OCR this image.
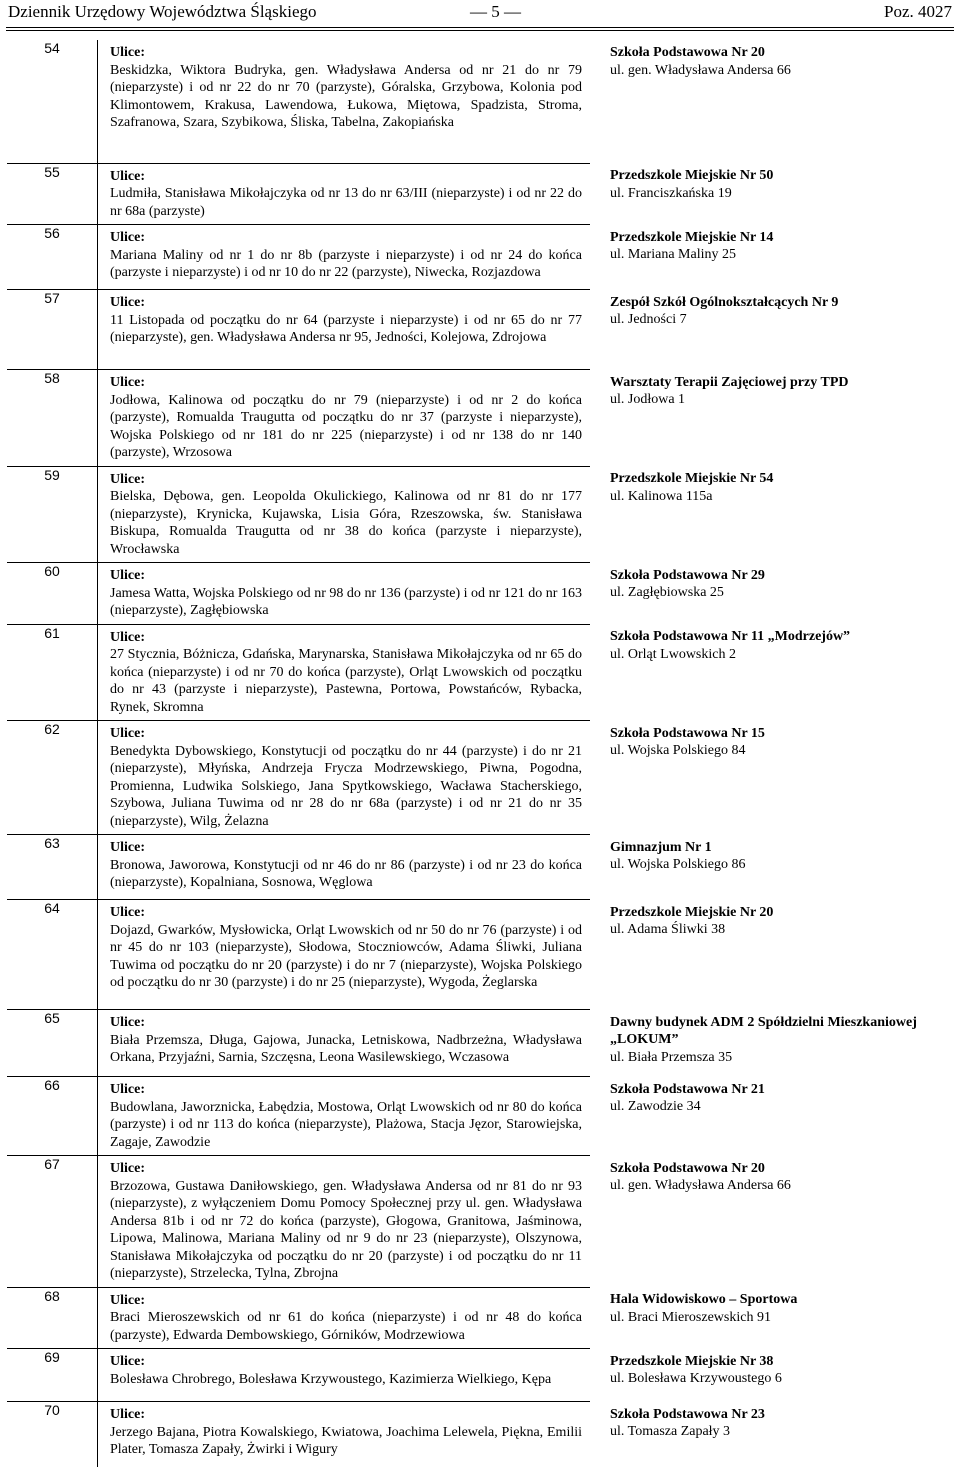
Dziennik Urzędowy Województwa Śląskiego	— 5 —	Poz. 4027
54	Ulice:
Beskidzka, Wiktora Budryka, gen. Władysława Andersa od nr 21 do nr 79 (nieparzyste) i od nr 22 do nr 70 (parzyste), Góralska, Grzybowa, Kolonia pod Klimontowem, Krakusa, Lawendowa, Łukowa, Miętowa, Spadzista, Stroma, Szafranowa, Szara, Szybikowa, Śliska, Tabelna, Zakopiańska	Szkoła Podstawowa Nr 20
ul. gen. Władysława Andersa 66

55	Ulice:
Ludmiła, Stanisława Mikołajczyka od nr 13 do nr 63/III (nieparzyste) i od nr 22 do nr 68a (parzyste)	Przedszkole Miejskie Nr 50
ul. Franciszkańska 19

56	Ulice:
Mariana Maliny od nr 1 do nr 8b (parzyste i nieparzyste) i od nr 24 do końca (parzyste i nieparzyste) i od nr 10 do nr 22 (parzyste), Niwecka, Rozjazdowa	Przedszkole Miejskie Nr 14
ul. Mariana Maliny 25

57	Ulice:
11 Listopada od początku do nr 64 (parzyste i nieparzyste) i od nr 65 do nr 77 (nieparzyste), gen. Władysława Andersa nr 95, Jedności, Kolejowa, Zdrojowa	Zespół Szkół Ogólnokształcących Nr 9
ul. Jedności 7

58	Ulice:
Jodłowa, Kalinowa od początku do nr 79 (nieparzyste) i od nr 2 do końca (parzyste), Romualda Traugutta od początku do nr 37 (parzyste i nieparzyste), Wojska Polskiego od nr 181 do nr 225 (nieparzyste) i od nr 138 do nr 140 (parzyste), Wrzosowa	Warsztaty Terapii Zajęciowej przy TPD
ul. Jodłowa 1

59	Ulice:
Bielska, Dębowa, gen. Leopolda Okulickiego, Kalinowa od nr 81 do nr 177 (nieparzyste), Krynicka, Kujawska, Lisia Góra, Rzeszowska, św. Stanisława Biskupa, Romualda Traugutta od nr 38 do końca (parzyste i nieparzyste), Wrocławska	Przedszkole Miejskie Nr 54
ul. Kalinowa 115a

60	Ulice:
Jamesa Watta, Wojska Polskiego od nr 98 do nr 136 (parzyste) i od nr 121 do nr 163 (nieparzyste), Zagłębiowska	Szkoła Podstawowa Nr 29
ul. Zagłębiowska 25

61	Ulice:
27 Stycznia, Bóżnicza, Gdańska, Marynarska, Stanisława Mikołajczyka od nr 65 do końca (nieparzyste) i od nr 70 do końca (parzyste), Orląt Lwowskich od początku do nr 43 (parzyste i nieparzyste), Pastewna, Portowa, Powstańców, Rybacka, Rynek, Skromna	Szkoła Podstawowa Nr 11 „Modrzejów”
ul. Orląt Lwowskich 2

62	Ulice:
Benedykta Dybowskiego, Konstytucji od początku do nr 44 (parzyste) i do nr 21 (nieparzyste), Młyńska, Andrzeja Frycza Modrzewskiego, Piwna, Pogodna, Promienna, Ludwika Solskiego, Jana Spytkowskiego, Wacława Stacherskiego, Szybowa, Juliana Tuwima od nr 28 do nr 68a (parzyste) i od nr 21 do nr 35 (nieparzyste), Wilg, Żelazna	Szkoła Podstawowa Nr 15
ul. Wojska Polskiego 84

63	Ulice:
Bronowa, Jaworowa, Konstytucji od nr 46 do nr 86 (parzyste) i od nr 23 do końca (nieparzyste), Kopalniana, Sosnowa, Węglowa	Gimnazjum Nr 1
ul. Wojska Polskiego 86

64	Ulice:
Dojazd, Gwarków, Mysłowicka, Orląt Lwowskich od nr 50 do nr 76 (parzyste) i od nr 45 do nr 103 (nieparzyste), Słodowa, Stoczniowców, Adama Śliwki, Juliana Tuwima od początku do nr 20 (parzyste) i do nr 7 (nieparzyste), Wojska Polskiego od początku do nr 30 (parzyste) i do nr 25 (nieparzyste), Wygoda, Żeglarska	Przedszkole Miejskie Nr 20
ul. Adama Śliwki 38

65	Ulice:
Biała Przemsza, Długa, Gajowa, Junacka, Letniskowa, Nadbrzeżna, Władysława Orkana, Przyjaźni, Sarnia, Szczęsna, Leona Wasilewskiego, Wczasowa	Dawny budynek ADM 2 Spółdzielni Mieszkaniowej „LOKUM”
ul. Biała Przemsza 35

66	Ulice:
Budowlana, Jaworznicka, Łabędzia, Mostowa, Orląt Lwowskich od nr 80 do końca (parzyste) i od nr 113 do końca (nieparzyste), Plażowa, Stacja Jęzor, Starowiejska, Zagaje, Zawodzie	Szkoła Podstawowa Nr 21
ul. Zawodzie 34

67	Ulice:
Brzozowa, Gustawa Daniłowskiego, gen. Władysława Andersa od nr 81 do nr 93 (nieparzyste), z wyłączeniem Domu Pomocy Społecznej przy ul. gen. Władysława Andersa 81b i od nr 72 do końca (parzyste), Głogowa, Granitowa, Jaśminowa, Lipowa, Malinowa, Mariana Maliny od nr 9 do nr 23 (nieparzyste), Olszynowa, Stanisława Mikołajczyka od początku do nr 20 (parzyste) i od początku do nr 11 (nieparzyste), Strzelecka, Tylna, Zbrojna	Szkoła Podstawowa Nr 20
ul. gen. Władysława Andersa 66

68	Ulice:
Braci Mieroszewskich od nr 61 do końca (nieparzyste) i od nr 48 do końca (parzyste), Edwarda Dembowskiego, Górników, Modrzewiowa	Hala Widowiskowo – Sportowa
ul. Braci Mieroszewskich 91

69	Ulice:
Bolesława Chrobrego, Bolesława Krzywoustego, Kazimierza Wielkiego, Kępa	Przedszkole Miejskie Nr 38
ul. Bolesława Krzywoustego 6

70	Ulice:
Jerzego Bajana, Piotra Kowalskiego, Kwiatowa, Joachima Lelewela, Piękna, Emilii Plater, Tomasza Zapały, Żwirki i Wigury	Szkoła Podstawowa Nr 23
ul. Tomasza Zapały 3
